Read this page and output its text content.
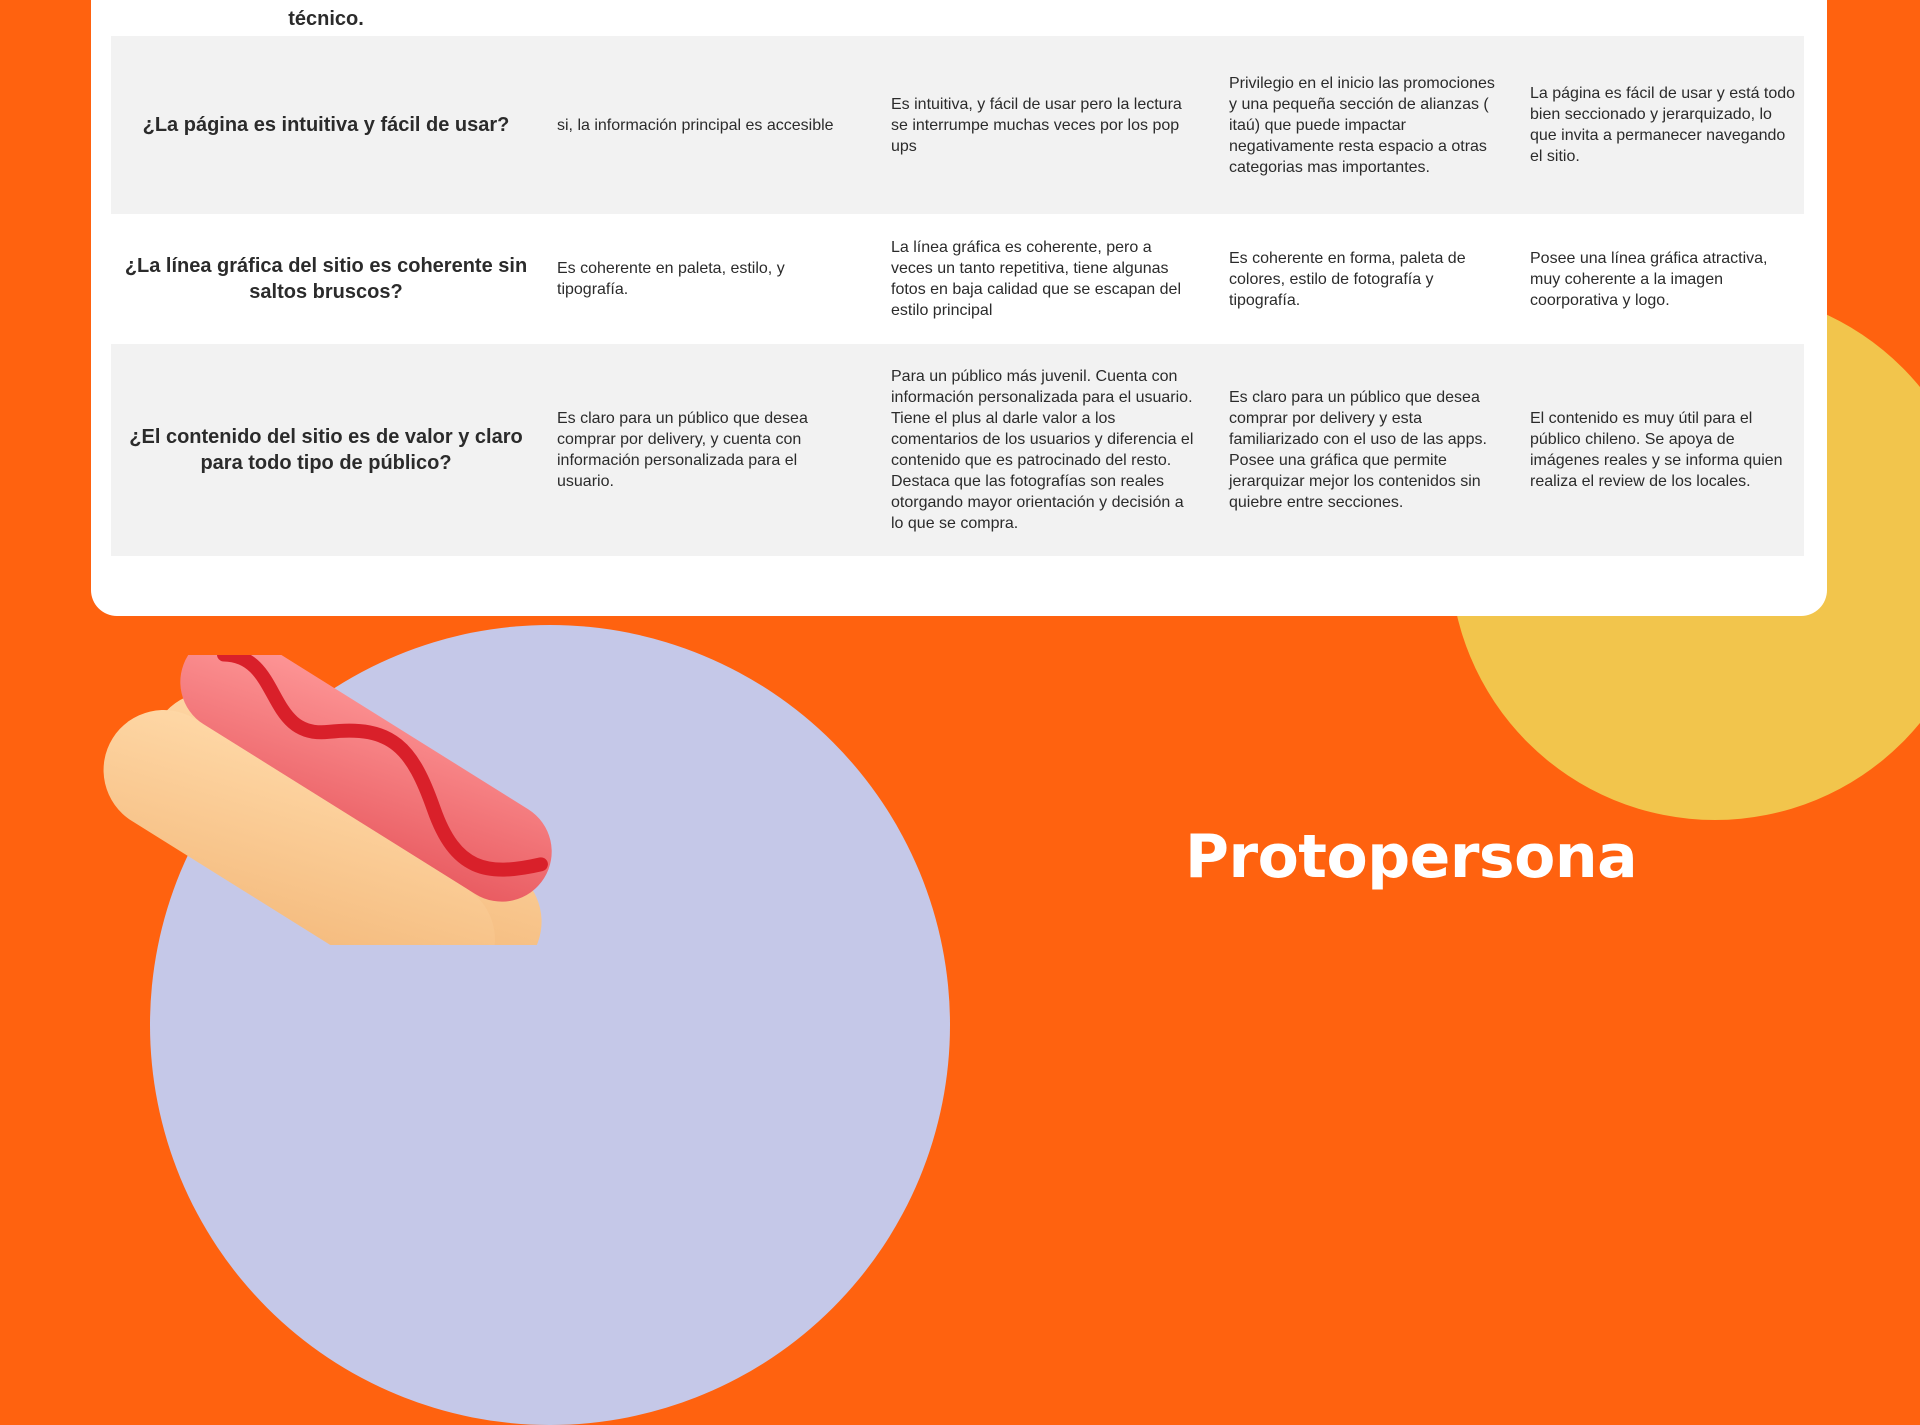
técnico.
¿La página es intuitiva y fácil de usar?	si, la información principal es accesible
Es intuitiva, y fácil de usar pero la lectura se interrumpe muchas veces por los pop ups
Privilegio en el inicio las promociones y una pequeña sección de alianzas ( itaú) que puede impactar negativamente resta espacio a otras categorias mas importantes.
La página es fácil de usar y está todo bien seccionado y jerarquizado, lo que invita a permanecer navegando el sitio.
¿La línea gráfica del sitio es coherente sin saltos bruscos?
Es coherente en paleta, estilo, y tipografía.
La línea gráfica es coherente, pero a veces un tanto repetitiva, tiene algunas fotos en baja calidad que se escapan del estilo principal
Es coherente en forma, paleta de colores, estilo de fotografía y tipografía.
Posee una línea gráfica atractiva, muy coherente a la imagen coorporativa y logo.
¿El contenido del sitio es de valor y claro para todo tipo de público?
Es claro para un público que desea comprar por delivery, y cuenta con información personalizada para el usuario.
Para un público más juvenil. Cuenta con información personalizada para el usuario. Tiene el plus al darle valor a los comentarios de los usuarios y diferencia el contenido que es patrocinado del resto. Destaca que las fotografías son reales otorgando mayor orientación y decisión a lo que se compra.
Es claro para un público que desea comprar por delivery y esta familiarizado con el uso de las apps. Posee una gráfica que permite jerarquizar mejor los contenidos sin quiebre entre secciones.
El contenido es muy útil para el público chileno. Se apoya de imágenes reales y se informa quien realiza el review de los locales.
Protopersona
